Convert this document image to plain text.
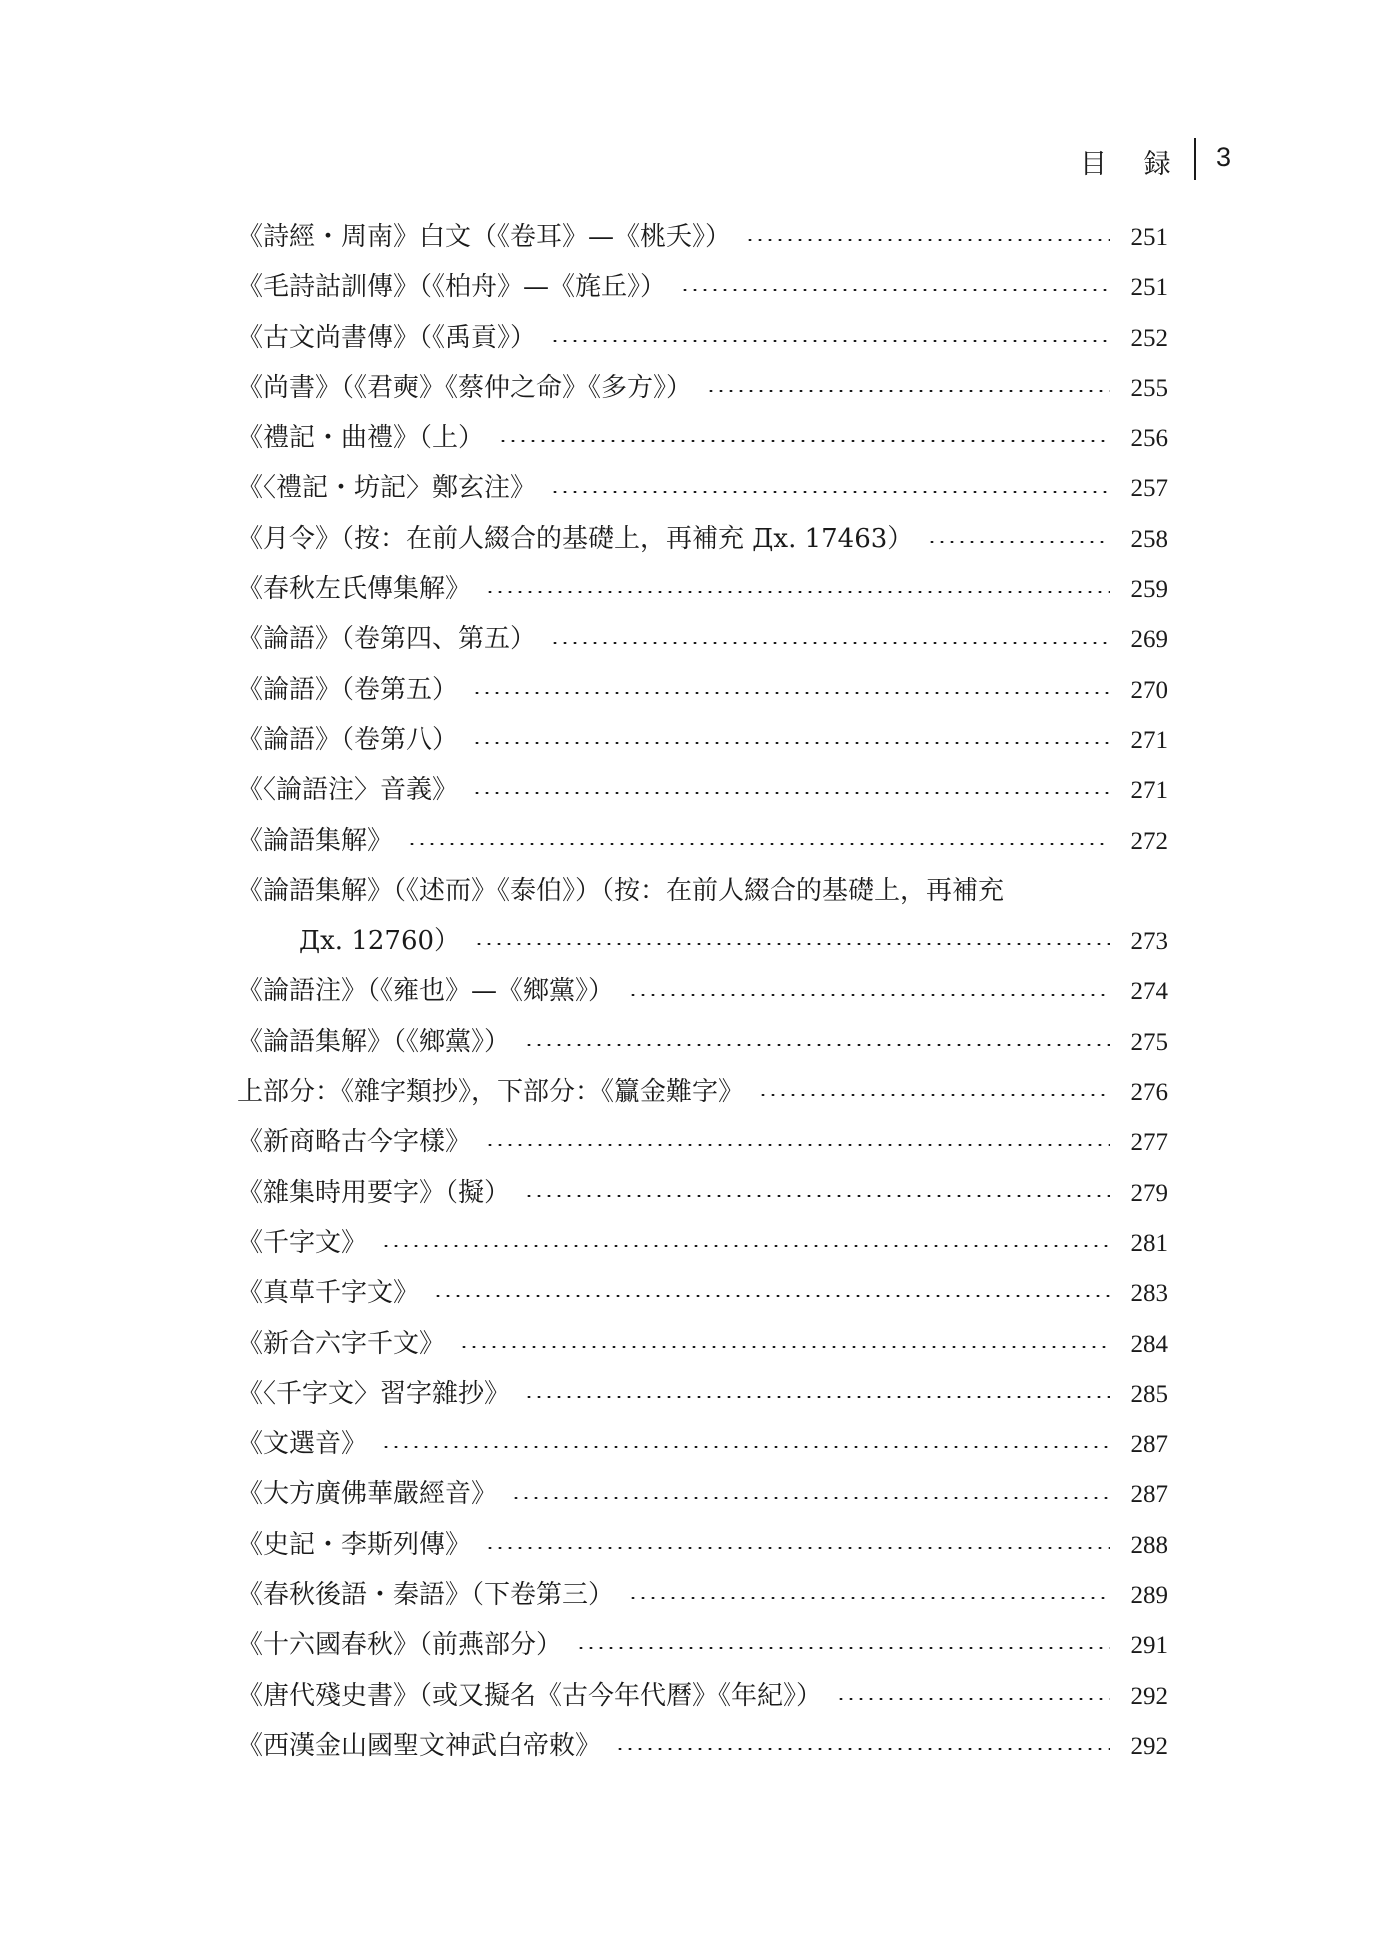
目 録 3
《詩經・周南》白文（《卷耳》—《桃夭》）	251
《毛詩詁訓傳》（《柏舟》—《旄丘》）	251
《古文尚書傳》（《禹貢》）	252
《尚書》（《君奭》《蔡仲之命》《多方》）	255
《禮記・曲禮》（上）	256
《〈禮記・坊記〉鄭玄注》	257
《月令》（按：在前人綴合的基礎上，再補充 Дх. 17463）	258
《春秋左氏傳集解》	259
《論語》（卷第四、第五）	269
《論語》（卷第五）	270
《論語》（卷第八）	271
《〈論語注〉音義》	271
《論語集解》	272
《論語集解》（《述而》《泰伯》）（按：在前人綴合的基礎上，再補充
Дх. 12760）	273
《論語注》（《雍也》—《鄉黨》）	274
《論語集解》（《鄉黨》）	275
上部分：《雜字類抄》，下部分：《籯金難字》	276
《新商略古今字樣》	277
《雜集時用要字》（擬）	279
《千字文》	281
《真草千字文》	283
《新合六字千文》	284
《〈千字文〉習字雜抄》	285
《文選音》	287
《大方廣佛華嚴經音》	287
《史記・李斯列傳》	288
《春秋後語・秦語》（下卷第三）	289
《十六國春秋》（前燕部分）	291
《唐代殘史書》（或又擬名《古今年代曆》《年紀》）	292
《西漢金山國聖文神武白帝敕》	292
